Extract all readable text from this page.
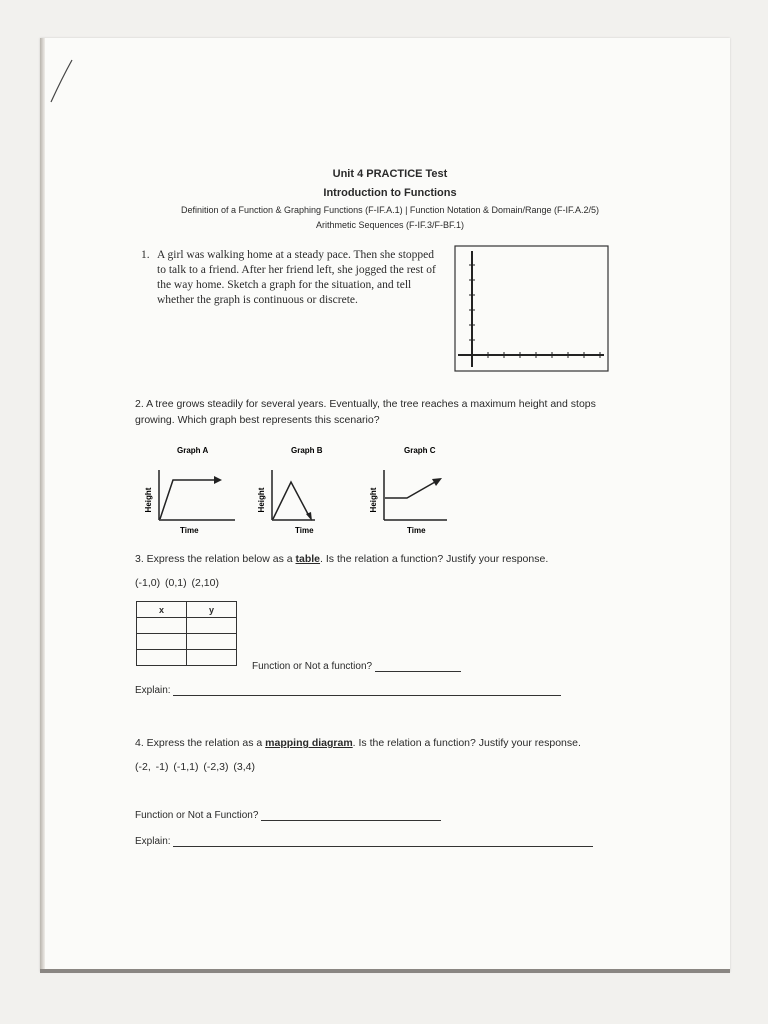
Unit 4 PRACTICE Test
Introduction to Functions
Definition of a Function & Graphing Functions (F-IF.A.1) | Function Notation & Domain/Range (F-IF.A.2/5)
Arithmetic Sequences (F-IF.3/F-BF.1)
1. A girl was walking home at a steady pace. Then she stopped
to talk to a friend. After her friend left, she jogged the rest of
the way home. Sketch a graph for the situation, and tell
whether the graph is continuous or discrete.
2. A tree grows steadily for several years. Eventually, the tree reaches a maximum height and stops growing. Which graph best represents this scenario?
Graph A
Height
Time
Graph B
Height
Time
Graph C
Height
Time
3. Express the relation below as a table. Is the relation a function? Justify your response.
(-1,0) (0,1) (2,10)
x	y

Function or Not a function?
Explain:
4. Express the relation as a mapping diagram. Is the relation a function? Justify your response.
(-2, -1) (-1,1) (-2,3) (3,4)
Function or Not a Function?
Explain:
